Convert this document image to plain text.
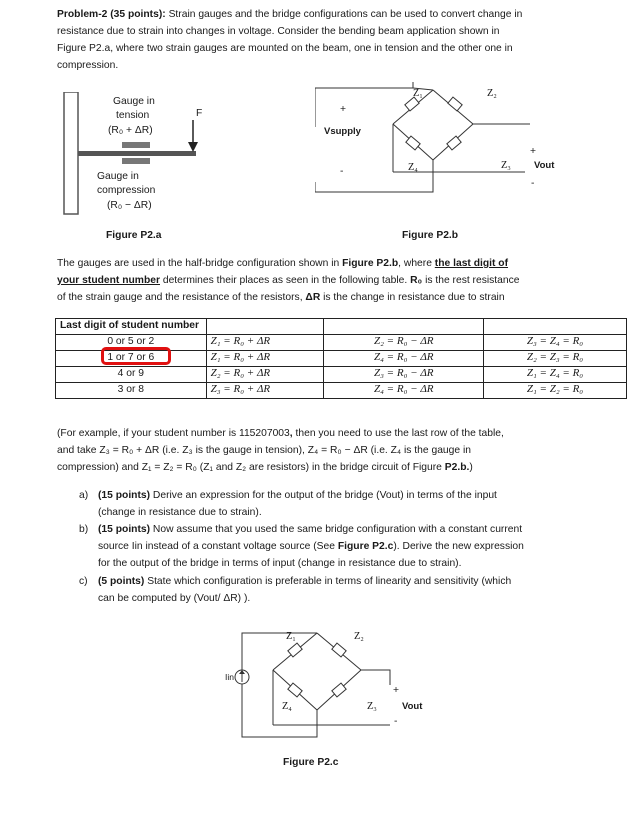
Problem-2 (35 points): Strain gauges and the bridge configurations can be used to convert change in
resistance due to strain into changes in voltage. Consider the bending beam application shown in
Figure P2.a, where two strain gauges are mounted on the beam, one in tension and the other one in
compression.
Gauge in
tension
(R₀ + ΔR)
F
Gauge in
compression
(R₀ − ΔR)
Figure P2.a
+
Vsupply
-
Z₁	Z₂
Z₄	Z₃
+
Vout
-
Figure P2.b
The gauges are used in the half-bridge configuration shown in Figure P2.b, where the last digit of
your student number determines their places as seen in the following table. R₀ is the rest resistance
of the strain gauge and the resistance of the resistors, ΔR is the change in resistance due to strain
Last digit of student number			
0 or 5 or 2	Z₁ = R₀ + ΔR	Z₂ = R₀ − ΔR	Z₃ = Z₄ = R₀
1 or 7 or 6	Z₁ = R₀ + ΔR	Z₄ = R₀ − ΔR	Z₂ = Z₃ = R₀
4 or 9	Z₂ = R₀ + ΔR	Z₃ = R₀ − ΔR	Z₁ = Z₄ = R₀
3 or 8	Z₃ = R₀ + ΔR	Z₄ = R₀ − ΔR	Z₁ = Z₂ = R₀
(For example, if your student number is 115207003, then you need to use the last row of the table,
and take Z₃ = R₀ + ΔR (i.e. Z₃ is the gauge in tension), Z₄ = R₀ − ΔR (i.e. Z₄ is the gauge in
compression) and Z₁ = Z₂ = R₀ (Z₁ and Z₂ are resistors) in the bridge circuit of Figure P2.b.)
a) (15 points) Derive an expression for the output of the bridge (Vout) in terms of the input
(change in resistance due to strain).
b) (15 points) Now assume that you used the same bridge configuration with a constant current
source Iin instead of a constant voltage source (See Figure P2.c). Derive the new expression
for the output of the bridge in terms of input (change in resistance due to strain).
c) (5 points) State which configuration is preferable in terms of linearity and sensitivity (which
can be computed by (Vout/ ΔR) ).
Iin
Z₁	Z₂
Z₄	Z₃
+
Vout
-
Figure P2.c
